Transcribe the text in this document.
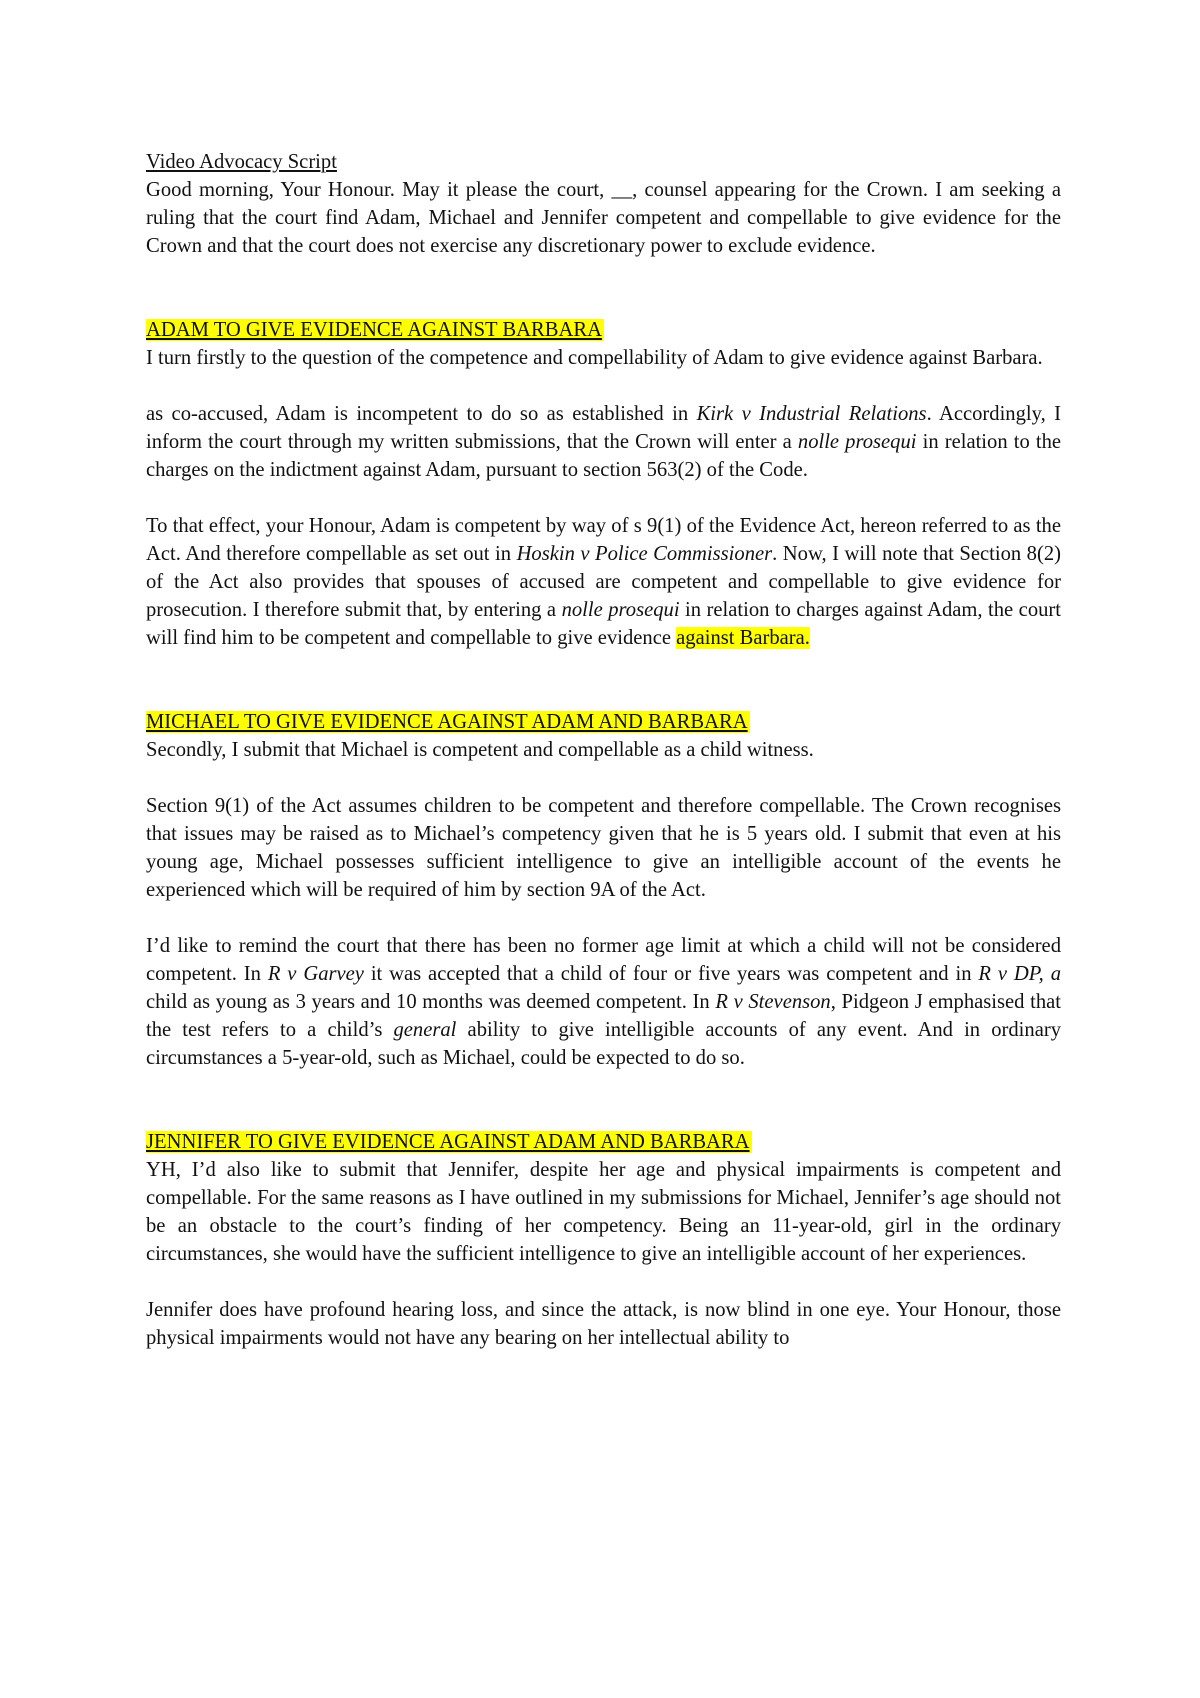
Video Advocacy Script

Good morning, Your Honour. May it please the court, __, counsel appearing for the Crown. I am seeking a ruling that the court find Adam, Michael and Jennifer competent and compellable to give evidence for the Crown and that the court does not exercise any discretionary power to exclude evidence.

ADAM TO GIVE EVIDENCE AGAINST BARBARA

I turn firstly to the question of the competence and compellability of Adam to give evidence against Barbara.

as co-accused, Adam is incompetent to do so as established in Kirk v Industrial Relations. Accordingly, I inform the court through my written submissions, that the Crown will enter a nolle prosequi in relation to the charges on the indictment against Adam, pursuant to section 563(2) of the Code.

To that effect, your Honour, Adam is competent by way of s 9(1) of the Evidence Act, hereon referred to as the Act. And therefore compellable as set out in Hoskin v Police Commissioner. Now, I will note that Section 8(2) of the Act also provides that spouses of accused are competent and compellable to give evidence for prosecution. I therefore submit that, by entering a nolle prosequi in relation to charges against Adam, the court will find him to be competent and compellable to give evidence against Barbara.

MICHAEL TO GIVE EVIDENCE AGAINST ADAM AND BARBARA

Secondly, I submit that Michael is competent and compellable as a child witness.

Section 9(1) of the Act assumes children to be competent and therefore compellable. The Crown recognises that issues may be raised as to Michael’s competency given that he is 5 years old. I submit that even at his young age, Michael possesses sufficient intelligence to give an intelligible account of the events he experienced which will be required of him by section 9A of the Act.

I’d like to remind the court that there has been no former age limit at which a child will not be considered competent. In R v Garvey it was accepted that a child of four or five years was competent and in R v DP, a child as young as 3 years and 10 months was deemed competent. In R v Stevenson, Pidgeon J emphasised that the test refers to a child’s general ability to give intelligible accounts of any event. And in ordinary circumstances a 5-year-old, such as Michael, could be expected to do so.

JENNIFER TO GIVE EVIDENCE AGAINST ADAM AND BARBARA

YH, I’d also like to submit that Jennifer, despite her age and physical impairments is competent and compellable. For the same reasons as I have outlined in my submissions for Michael, Jennifer’s age should not be an obstacle to the court’s finding of her competency. Being an 11-year-old, girl in the ordinary circumstances, she would have the sufficient intelligence to give an intelligible account of her experiences.

Jennifer does have profound hearing loss, and since the attack, is now blind in one eye. Your Honour, those physical impairments would not have any bearing on her intellectual ability to
